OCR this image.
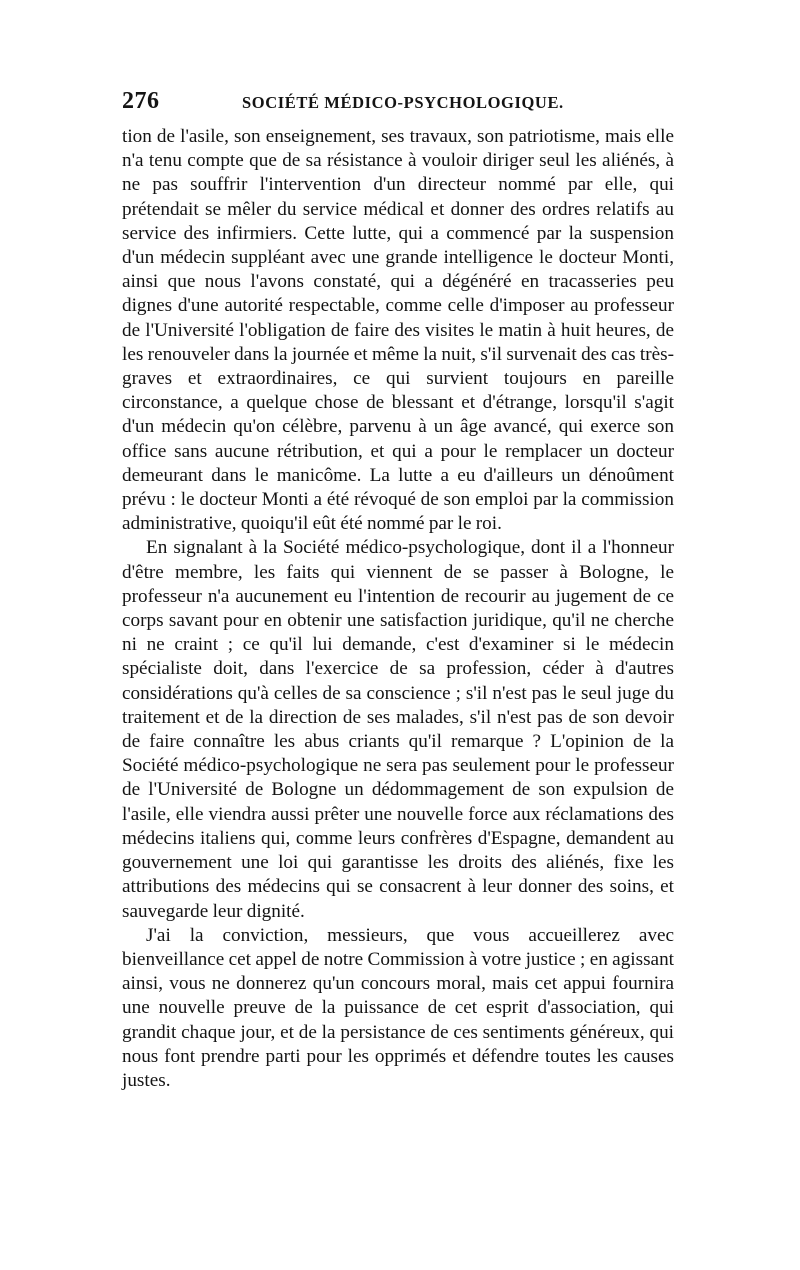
276	SOCIÉTÉ MÉDICO-PSYCHOLOGIQUE.

tion de l'asile, son enseignement, ses travaux, son patriotisme, mais elle n'a tenu compte que de sa résistance à vouloir diriger seul les aliénés, à ne pas souffrir l'intervention d'un directeur nommé par elle, qui prétendait se mêler du service médical et donner des ordres relatifs au service des infirmiers. Cette lutte, qui a commencé par la suspension d'un médecin suppléant avec une grande intelligence le docteur Monti, ainsi que nous l'avons constaté, qui a dégénéré en tracasseries peu dignes d'une autorité respectable, comme celle d'imposer au professeur de l'Université l'obligation de faire des visites le matin à huit heures, de les renouveler dans la journée et même la nuit, s'il survenait des cas très-graves et extraordinaires, ce qui survient toujours en pareille circonstance, a quelque chose de blessant et d'étrange, lorsqu'il s'agit d'un médecin qu'on célèbre, parvenu à un âge avancé, qui exerce son office sans aucune rétribution, et qui a pour le remplacer un docteur demeurant dans le manicôme. La lutte a eu d'ailleurs un dénoûment prévu : le docteur Monti a été révoqué de son emploi par la commission administrative, quoiqu'il eût été nommé par le roi.

En signalant à la Société médico-psychologique, dont il a l'honneur d'être membre, les faits qui viennent de se passer à Bologne, le professeur n'a aucunement eu l'intention de recourir au jugement de ce corps savant pour en obtenir une satisfaction juridique, qu'il ne cherche ni ne craint ; ce qu'il lui demande, c'est d'examiner si le médecin spécialiste doit, dans l'exercice de sa profession, céder à d'autres considérations qu'à celles de sa conscience ; s'il n'est pas le seul juge du traitement et de la direction de ses malades, s'il n'est pas de son devoir de faire connaître les abus criants qu'il remarque ? L'opinion de la Société médico-psychologique ne sera pas seulement pour le professeur de l'Université de Bologne un dédommagement de son expulsion de l'asile, elle viendra aussi prêter une nouvelle force aux réclamations des médecins italiens qui, comme leurs confrères d'Espagne, demandent au gouvernement une loi qui garantisse les droits des aliénés, fixe les attributions des médecins qui se consacrent à leur donner des soins, et sauvegarde leur dignité.

J'ai la conviction, messieurs, que vous accueillerez avec bienveillance cet appel de notre Commission à votre justice ; en agissant ainsi, vous ne donnerez qu'un concours moral, mais cet appui fournira une nouvelle preuve de la puissance de cet esprit d'association, qui grandit chaque jour, et de la persistance de ces sentiments généreux, qui nous font prendre parti pour les opprimés et défendre toutes les causes justes.
